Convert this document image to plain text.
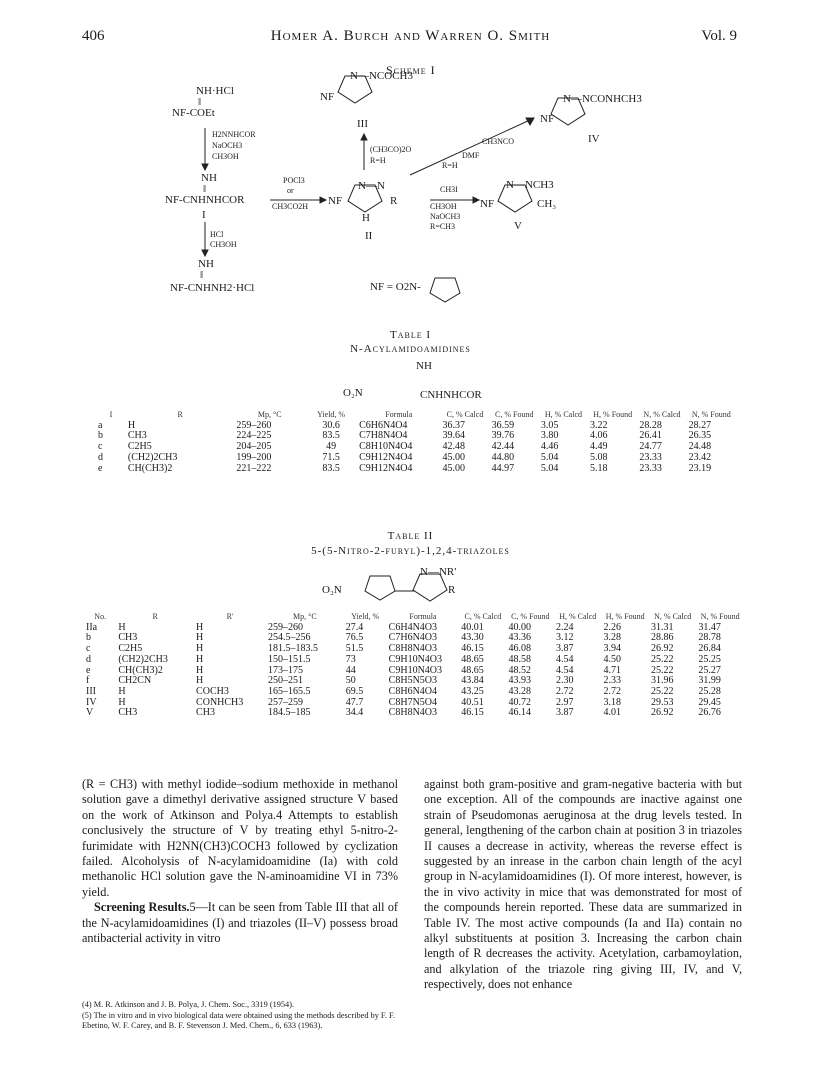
406	Homer A. Burch and Warren O. Smith	Vol. 9
Scheme I
NH·HCl
‖
NF-COEt
H2NNHCOR
NaOCH3
CH3OH
NH
‖
NF-CNHNHCOR
I
POCl3
or
CH3CO2H
HCl
CH3OH
NH
‖
NF-CNHNH2·HCl
N—NCOCH3
NF
III
(CH3CO)2O
R=H
CH3NCO
DMF
R=H
N—NCONHCH3
NF
IV
NF
N—N
R
H
II
CH3I
CH3OH
NaOCH3
R=CH3
N—NCH3
NF	CH₃
V
NF = O2N-
Table I
N-Acylamidoamidines
NH
O₂N	CNHNHCOR
I	R	Mp, °C	Yield, %	Formula	C, % Calcd	C, % Found	H, % Calcd	H, % Found	N, % Calcd	N, % Found
a	H	259–260	30.6	C6H6N4O4	36.37	36.59	3.05	3.22	28.28	28.27
b	CH3	224–225	83.5	C7H8N4O4	39.64	39.76	3.80	4.06	26.41	26.35
c	C2H5	204–205	49	C8H10N4O4	42.48	42.44	4.46	4.49	24.77	24.48
d	(CH2)2CH3	199–200	71.5	C9H12N4O4	45.00	44.80	5.04	5.08	23.33	23.42
e	CH(CH3)2	221–222	83.5	C9H12N4O4	45.00	44.97	5.04	5.18	23.33	23.19
Table II
5-(5-Nitro-2-furyl)-1,2,4-triazoles
O₂N
N—NR′
R
No.	R	R'	Mp, °C	Yield, %	Formula	C, % Calcd	C, % Found	H, % Calcd	H, % Found	N, % Calcd	N, % Found
IIa	H	H	259–260	27.4	C6H4N4O3	40.01	40.00	2.24	2.26	31.31	31.47
b	CH3	H	254.5–256	76.5	C7H6N4O3	43.30	43.36	3.12	3.28	28.86	28.78
c	C2H5	H	181.5–183.5	51.5	C8H8N4O3	46.15	46.08	3.87	3.94	26.92	26.84
d	(CH2)2CH3	H	150–151.5	73	C9H10N4O3	48.65	48.58	4.54	4.50	25.22	25.25
e	CH(CH3)2	H	173–175	44	C9H10N4O3	48.65	48.52	4.54	4.71	25.22	25.27
f	CH2CN	H	250–251	50	C8H5N5O3	43.84	43.93	2.30	2.33	31.96	31.99
III	H	COCH3	165–165.5	69.5	C8H6N4O4	43.25	43.28	2.72	2.72	25.22	25.28
IV	H	CONHCH3	257–259	47.7	C8H7N5O4	40.51	40.72	2.97	3.18	29.53	29.45
V	CH3	CH3	184.5–185	34.4	C8H8N4O3	46.15	46.14	3.87	4.01	26.92	26.76

(R = CH3) with methyl iodide–sodium methoxide in methanol solution gave a dimethyl derivative assigned structure V based on the work of Atkinson and Polya.4 Attempts to establish conclusively the structure of V by treating ethyl 5-nitro-2-furimidate with H2NN(CH3)COCH3 followed by cyclization failed. Alcoholysis of N-acylamidoamidine (Ia) with cold methanolic HCl solution gave the N-aminoamidine VI in 73% yield.

Screening Results.5—It can be seen from Table III that all of the N-acylamidoamidines (I) and triazoles (II–V) possess broad antibacterial activity in vitro

(4) M. R. Atkinson and J. B. Polya, J. Chem. Soc., 3319 (1954).
(5) The in vitro and in vivo biological data were obtained using the methods described by F. F. Ebetino, W. F. Carey, and B. F. Stevenson J. Med. Chem., 6, 633 (1963).

against both gram-positive and gram-negative bacteria with but one exception. All of the compounds are inactive against one strain of Pseudomonas aeruginosa at the drug levels tested. In general, lengthening of the carbon chain at position 3 in triazoles II causes a decrease in activity, whereas the reverse effect is suggested by an inrease in the carbon chain length of the acyl group in N-acylamidoamidines (I). Of more interest, however, is the in vivo activity in mice that was demonstrated for most of the compounds herein reported. These data are summarized in Table IV. The most active compounds (Ia and IIa) contain no alkyl substituents at position 3. Increasing the carbon chain length of R decreases the activity. Acetylation, carbamoylation, and alkylation of the triazole ring giving III, IV, and V, respectively, does not enhance
